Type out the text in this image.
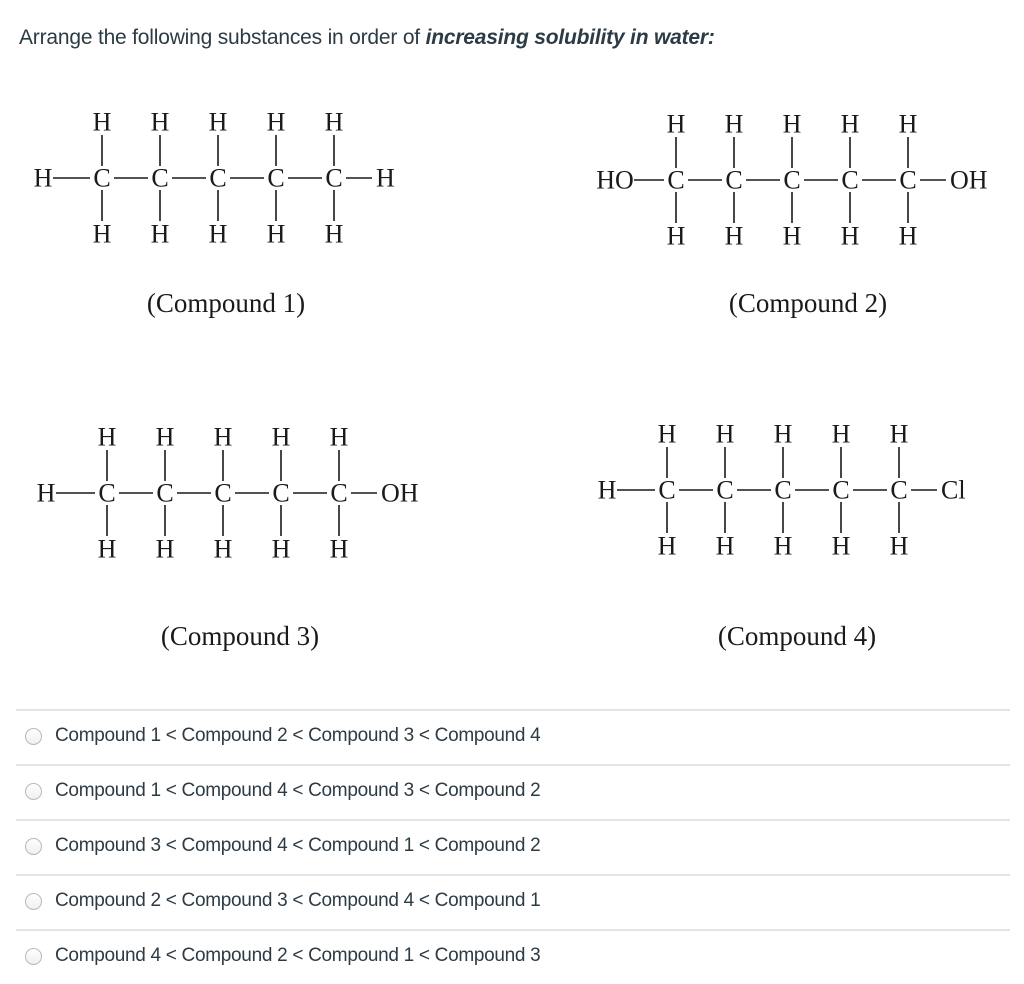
Arrange the following substances in order of increasing solubility in water:
H C
H
H
C
H
H
C
H
H
C
H
H
C
H
H
H
(Compound 1)
HO C
H
H
C
H
H
C
H
H
C
H
H
C
H
H
OH
(Compound 2)
H C
H
H
C
H
H
C
H
H
C
H
H
C
H
H
OH
(Compound 3)
H C
H
H
C
H
H
C
H
H
C
H
H
C
H
H
Cl
(Compound 4)
Compound 1 < Compound 2 < Compound 3 < Compound 4
Compound 1 < Compound 4 < Compound 3 < Compound 2
Compound 3 < Compound 4 < Compound 1 < Compound 2
Compound 2 < Compound 3 < Compound 4 < Compound 1
Compound 4 < Compound 2 < Compound 1 < Compound 3
